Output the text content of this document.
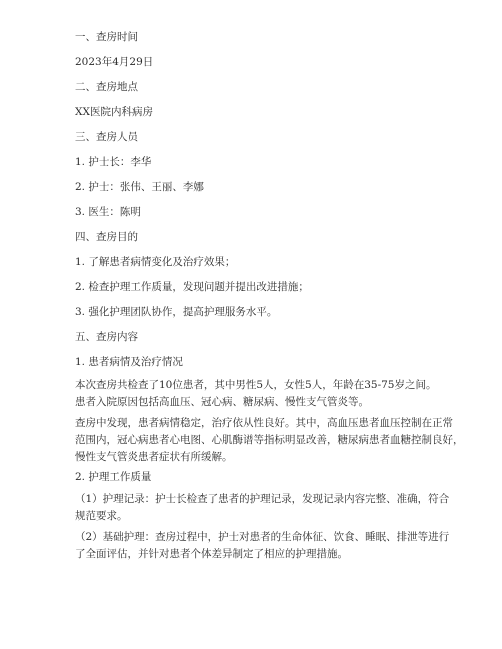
一、查房时间
2023年4月29日
二、查房地点
XX医院内科病房
三、查房人员
1. 护士长：李华
2. 护士：张伟、王丽、李娜
3. 医生：陈明
四、查房目的
1. 了解患者病情变化及治疗效果；
2. 检查护理工作质量，发现问题并提出改进措施；
3. 强化护理团队协作，提高护理服务水平。
五、查房内容
1. 患者病情及治疗情况
本次查房共检查了10位患者，其中男性5人，女性5人，年龄在35-75岁之间。
患者入院原因包括高血压、冠心病、糖尿病、慢性支气管炎等。
查房中发现，患者病情稳定，治疗依从性良好。其中，高血压患者血压控制在正常
范围内，冠心病患者心电图、心肌酶谱等指标明显改善，糖尿病患者血糖控制良好，
慢性支气管炎患者症状有所缓解。
2. 护理工作质量
（1）护理记录：护士长检查了患者的护理记录，发现记录内容完整、准确，符合
规范要求。
（2）基础护理：查房过程中，护士对患者的生命体征、饮食、睡眠、排泄等进行
了全面评估，并针对患者个体差异制定了相应的护理措施。
